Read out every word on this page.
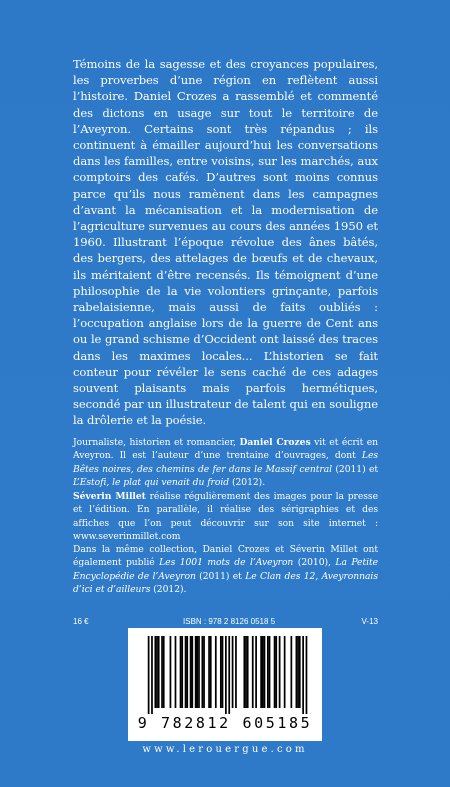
Témoins de la sagesse et des croyances populaires, les proverbes d’une région en reflètent aussi l’histoire. Daniel Crozes a rassemblé et commenté des dictons en usage sur tout le territoire de l’Aveyron. Certains sont très répandus ; ils continuent à émailler aujourd’hui les conversations dans les familles, entre voisins, sur les marchés, aux comptoirs des cafés. D’autres sont moins connus parce qu’ils nous ramènent dans les campagnes d’avant la mécanisation et la modernisation de l’agriculture survenues au cours des années 1950 et 1960. Illustrant l’époque révolue des ânes bâtés, des bergers, des attelages de bœufs et de chevaux, ils méritaient d’être recensés. Ils témoignent d’une philosophie de la vie volontiers grinçante, parfois rabelaisienne, mais aussi de faits oubliés : l’occupation anglaise lors de la guerre de Cent ans ou le grand schisme d’Occident ont laissé des traces dans les maximes locales... L’historien se fait conteur pour révéler le sens caché de ces adages souvent plaisants mais parfois hermétiques, secondé par un illustrateur de talent qui en souligne la drôlerie et la poésie.

Journaliste, historien et romancier, Daniel Crozes vit et écrit en Aveyron. Il est l’auteur d’une trentaine d’ouvrages, dont Les Bêtes noires, des chemins de fer dans le Massif central (2011) et L’Estofi, le plat qui venait du froid (2012).

Séverin Millet réalise régulièrement des images pour la presse et l’édition. En parallèle, il réalise des sérigraphies et des affiches que l’on peut découvrir sur son site internet : www.severinmillet.com

Dans la même collection, Daniel Crozes et Séverin Millet ont également publié Les 1001 mots de l’Aveyron (2010), La Petite Encyclopédie de l’Aveyron (2011) et Le Clan des 12, Aveyronnais d’ici et d’ailleurs (2012).

16 €	ISBN : 978 2 8126 0518 5	V-13
9 782812 605185
www.lerouergue.com
